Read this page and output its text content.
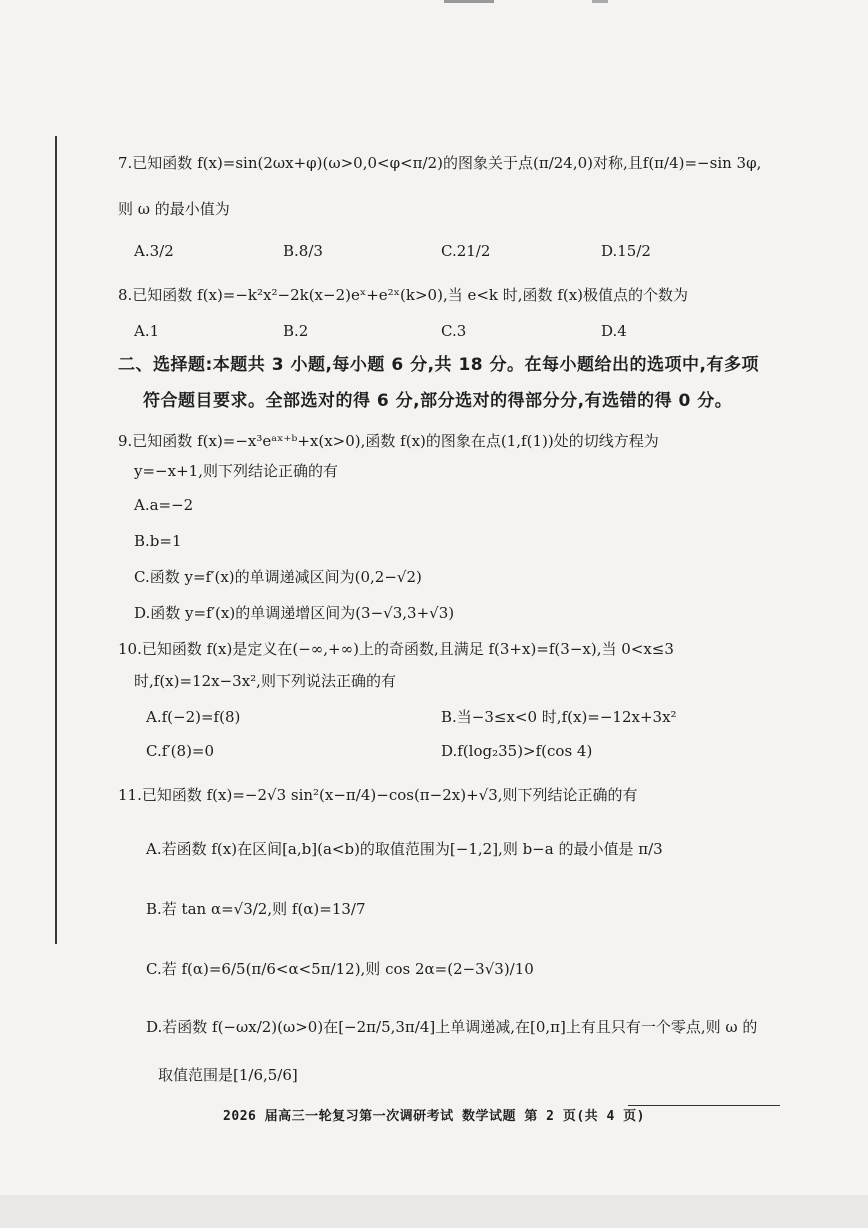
7.已知函数 f(x)=sin(2ωx+φ)(ω>0,0<φ<π/2)的图象关于点(π/24,0)对称,且f(π/4)=−sin 3φ,
则 ω 的最小值为
A.3/2	B.8/3	C.21/2	D.15/2
8.已知函数 f(x)=−k²x²−2k(x−2)eˣ+e²ˣ(k>0),当 e<k 时,函数 f(x)极值点的个数为
A.1	B.2	C.3	D.4
二、选择题:本题共 3 小题,每小题 6 分,共 18 分。在每小题给出的选项中,有多项
符合题目要求。全部选对的得 6 分,部分选对的得部分分,有选错的得 0 分。
9.已知函数 f(x)=−x³eᵃˣ⁺ᵇ+x(x>0),函数 f(x)的图象在点(1,f(1))处的切线方程为
y=−x+1,则下列结论正确的有
A.a=−2
B.b=1
C.函数 y=f′(x)的单调递减区间为(0,2−√2)
D.函数 y=f′(x)的单调递增区间为(3−√3,3+√3)
10.已知函数 f(x)是定义在(−∞,+∞)上的奇函数,且满足 f(3+x)=f(3−x),当 0<x≤3
时,f(x)=12x−3x²,则下列说法正确的有
A.f(−2)=f(8)	B.当−3≤x<0 时,f(x)=−12x+3x²
C.f′(8)=0	D.f(log₂35)>f(cos 4)
11.已知函数 f(x)=−2√3 sin²(x−π/4)−cos(π−2x)+√3,则下列结论正确的有
A.若函数 f(x)在区间[a,b](a<b)的取值范围为[−1,2],则 b−a 的最小值是 π/3
B.若 tan α=√3/2,则 f(α)=13/7
C.若 f(α)=6/5(π/6<α<5π/12),则 cos 2α=(2−3√3)/10
D.若函数 f(−ωx/2)(ω>0)在[−2π/5,3π/4]上单调递减,在[0,π]上有且只有一个零点,则 ω 的
取值范围是[1/6,5/6]
2026 届高三一轮复习第一次调研考试 数学试题 第 2 页(共 4 页)
